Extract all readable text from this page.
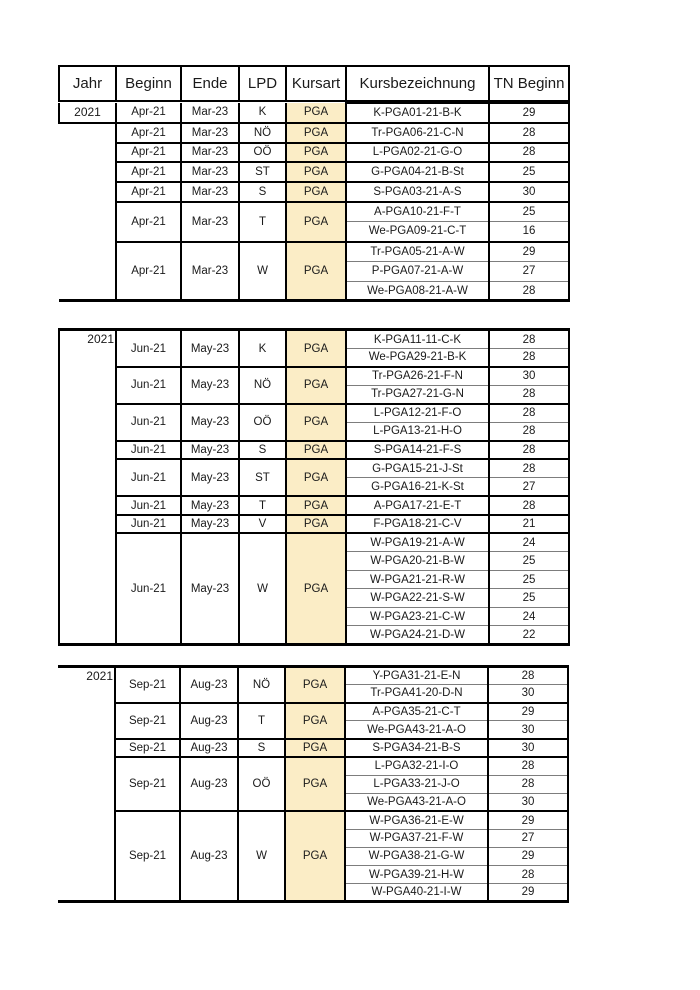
Jahr	Beginn	Ende	LPD	Kursart	Kursbezeichnung	TN Beginn
2021	Apr-21	Mar-23	K	PGA	K-PGA01-21-B-K	29
	Apr-21	Mar-23	NÖ	PGA	Tr-PGA06-21-C-N	28
	Apr-21	Mar-23	OÖ	PGA	L-PGA02-21-G-O	28
	Apr-21	Mar-23	ST	PGA	G-PGA04-21-B-St	25
	Apr-21	Mar-23	S	PGA	S-PGA03-21-A-S	30
	Apr-21	Mar-23	T	PGA	A-PGA10-21-F-T	25
					We-PGA09-21-C-T	16
	Apr-21	Mar-23	W	PGA	Tr-PGA05-21-A-W	29
					P-PGA07-21-A-W	27
					We-PGA08-21-A-W	28
2021	Jun-21	May-23	K	PGA	K-PGA11-11-C-K	28
					We-PGA29-21-B-K	28
	Jun-21	May-23	NÖ	PGA	Tr-PGA26-21-F-N	30
					Tr-PGA27-21-G-N	28
	Jun-21	May-23	OÖ	PGA	L-PGA12-21-F-O	28
					L-PGA13-21-H-O	28
	Jun-21	May-23	S	PGA	S-PGA14-21-F-S	28
	Jun-21	May-23	ST	PGA	G-PGA15-21-J-St	28
					G-PGA16-21-K-St	27
	Jun-21	May-23	T	PGA	A-PGA17-21-E-T	28
	Jun-21	May-23	V	PGA	F-PGA18-21-C-V	21
	Jun-21	May-23	W	PGA	W-PGA19-21-A-W	24
					W-PGA20-21-B-W	25
					W-PGA21-21-R-W	25
					W-PGA22-21-S-W	25
					W-PGA23-21-C-W	24
					W-PGA24-21-D-W	22
2021	Sep-21	Aug-23	NÖ	PGA	Y-PGA31-21-E-N	28
					Tr-PGA41-20-D-N	30
	Sep-21	Aug-23	T	PGA	A-PGA35-21-C-T	29
					We-PGA43-21-A-O	30
	Sep-21	Aug-23	S	PGA	S-PGA34-21-B-S	30
	Sep-21	Aug-23	OÖ	PGA	L-PGA32-21-I-O	28
					L-PGA33-21-J-O	28
					We-PGA43-21-A-O	30
	Sep-21	Aug-23	W	PGA	W-PGA36-21-E-W	29
					W-PGA37-21-F-W	27
					W-PGA38-21-G-W	29
					W-PGA39-21-H-W	28
					W-PGA40-21-I-W	29
